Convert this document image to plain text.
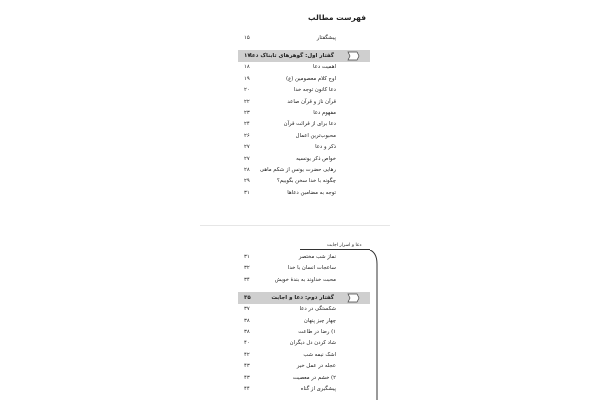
فهرست مطالب
پیشگفتار
۱۵
گفتار اول: گوهرهای تابناک دعا
۱۷
اهمیت دعا
۱۸
اوج کلام معصومین (ع)
۱۹
دعا کانون توجه خدا
۲۰
قرآن ناز و قرآن صاعد
۲۲
مفهوم دعا
۲۳
دعا برای از قرائت قرآن
۲۴
محبوب‌ترین اعمال
۲۶
ذکر و دعا
۲۷
خواص ذکر یونسیه
۲۷
رهایی حضرت یونس از شکم ماهی
۲۸
چگونه با خدا سخن بگوییم؟
۲۹
توجه به مضامین دعاها
۳۱
دعا و اسرار اجابت
نماز شب مختصر
۳۱
ساعجات انسان با خدا
۳۲
محبت خداوند به بندۀ خویش
۳۴
گفتار دوم: دعا و اجابت
۳۵
شکستگی در دعا
۳۷
چهار چیز پنهان
۳۸
۱) رضا در طاعت
۳۸
شاد کردن دل دیگران
۴۰
اشک نیمه شب
۴۲
عجله در عمل خیر
۴۳
۲) خشم در معصیت
۴۳
پیشگیری از گناه
۴۴
